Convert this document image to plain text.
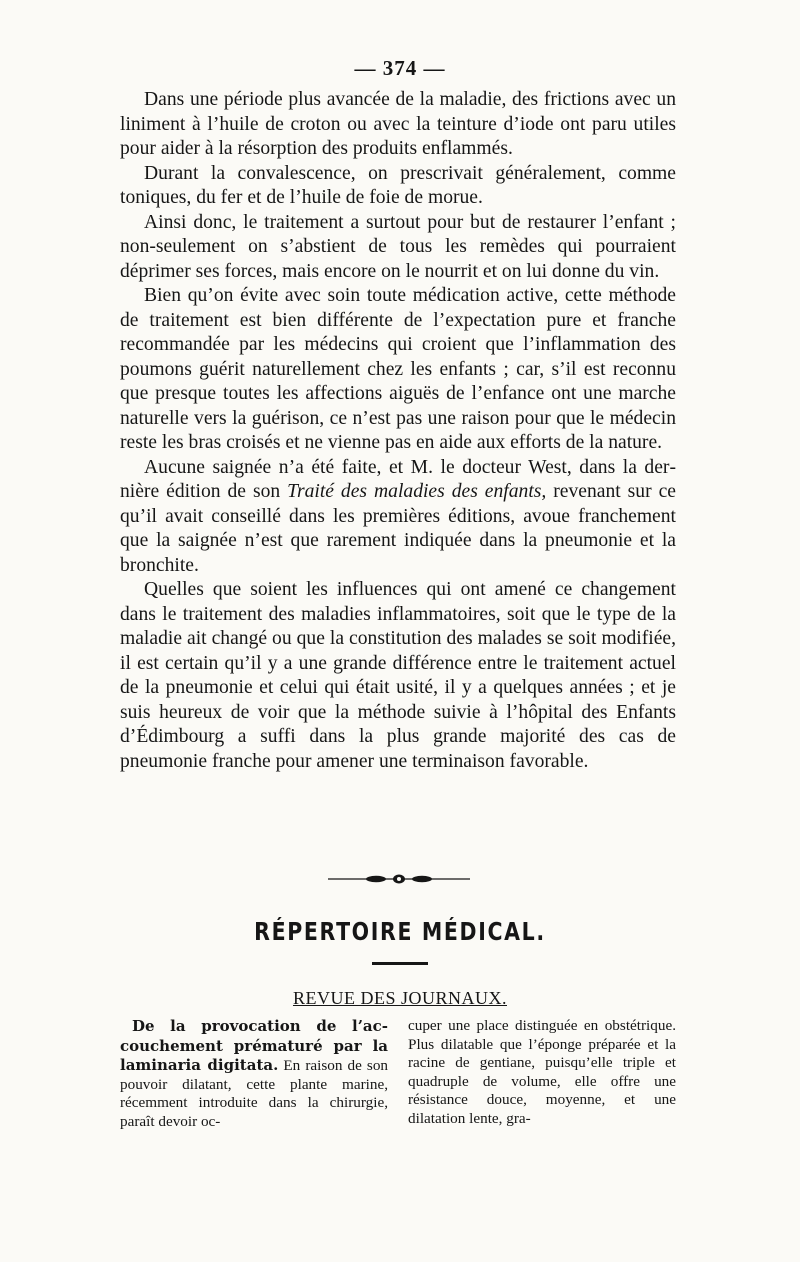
— 374 —

Dans une période plus avancée de la maladie, des frictions avec un liniment à l’huile de croton ou avec la teinture d’iode ont paru utiles pour aider à la résorption des produits enflammés.

Durant la convalescence, on prescrivait généralement, comme toniques, du fer et de l’huile de foie de morue.

Ainsi donc, le traitement a surtout pour but de restaurer l’enfant ; non-seulement on s’abstient de tous les remèdes qui pourraient déprimer ses forces, mais encore on le nourrit et on lui donne du vin.

Bien qu’on évite avec soin toute médication active, cette méthode de traitement est bien différente de l’expectation pure et franche recommandée par les médecins qui croient que l’inflammation des poumons guérit naturellement chez les enfants ; car, s’il est reconnu que presque toutes les affections aiguës de l’enfance ont une marche naturelle vers la guérison, ce n’est pas une raison pour que le médecin reste les bras croisés et ne vienne pas en aide aux efforts de la nature.

Aucune saignée n’a été faite, et M. le docteur West, dans la dernière édition de son Traité des maladies des enfants, revenant sur ce qu’il avait conseillé dans les premières éditions, avoue franchement que la saignée n’est que rarement indiquée dans la pneumonie et la bronchite.

Quelles que soient les influences qui ont amené ce changement dans le traitement des maladies inflammatoires, soit que le type de la maladie ait changé ou que la constitution des malades se soit modifiée, il est certain qu’il y a une grande différence entre le traitement actuel de la pneumonie et celui qui était usité, il y a quelques années ; et je suis heureux de voir que la méthode suivie à l’hôpital des Enfants d’Édimbourg a suffi dans la plus grande majorité des cas de pneumonie franche pour amener une terminaison favorable.

RÉPERTOIRE MÉDICAL.
REVUE DES JOURNAUX.

De la provocation de l’accouchement prématuré par la laminaria digitata. En raison de son pouvoir dilatant, cette plante marine, récemment introduite dans la chirurgie, paraît devoir oc-

cuper une place distinguée en obstétrique. Plus dilatable que l’éponge préparée et la racine de gentiane, puisqu’elle triple et quadruple de volume, elle offre une résistance douce, moyenne, et une dilatation lente, gra-
